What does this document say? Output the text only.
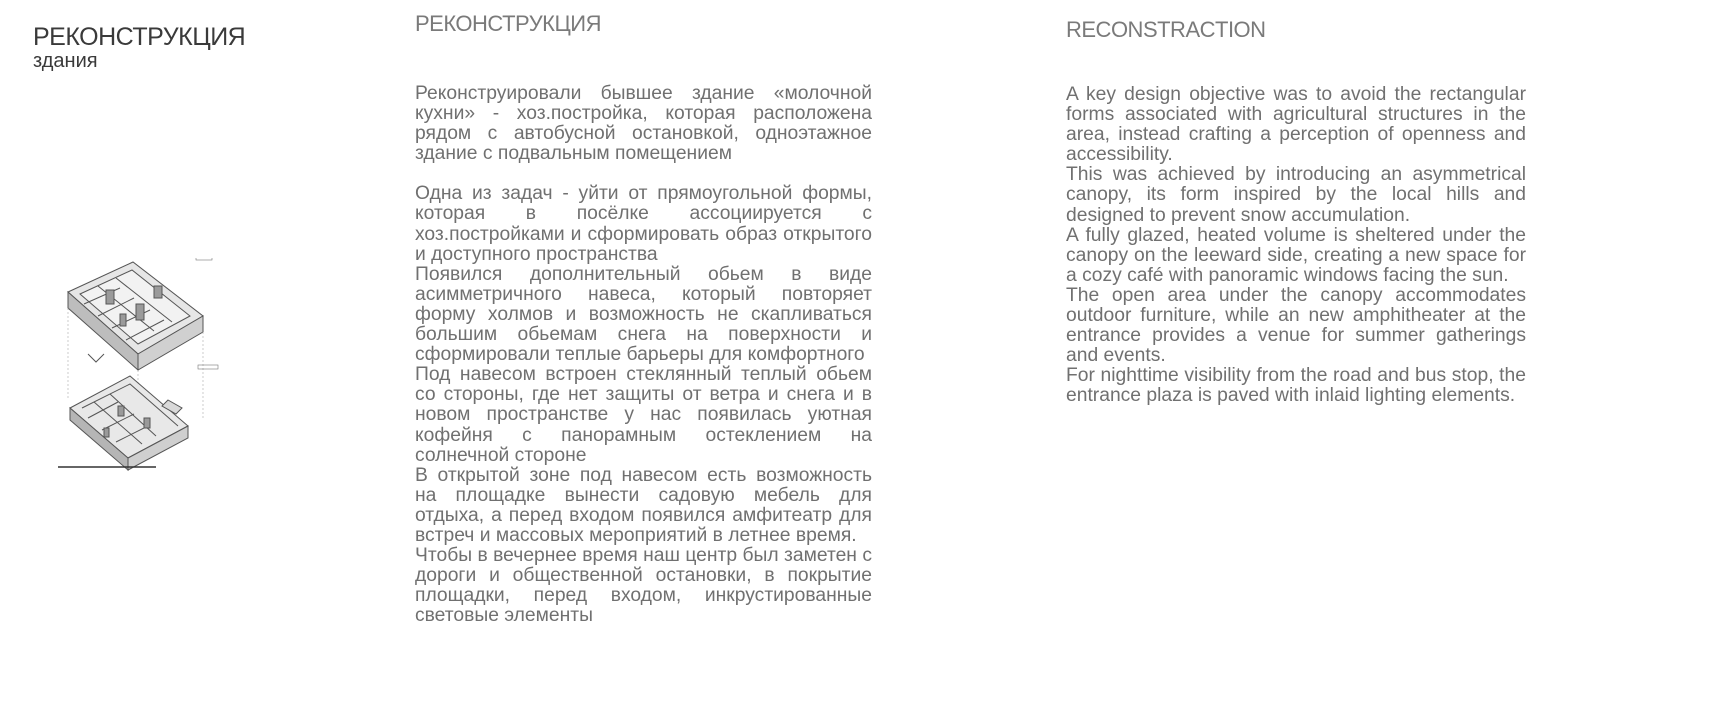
РЕКОНСТРУКЦИЯ

здания

РЕКОНСТРУКЦИЯ

Реконструировали бывшее здание «молочной кухни» - хоз.постройка, которая расположена рядом с автобусной остановкой, одноэтажное здание с подвальным помещением

Одна из задач - уйти от прямоугольной формы, которая в посёлке ассоциируется с хоз.постройками и сформировать образ открытого и доступного пространства

Появился дополнительный обьем в виде асимметричного навеса, который повторяет форму холмов и возможность не скапливаться большим обьемам снега на поверхности и сформировали теплые барьеры для комфортного

Под навесом встроен стеклянный теплый обьем со стороны, где нет защиты от ветра и снега и в новом пространстве у нас появилась уютная кофейня с панорамным остеклением на солнечной стороне

В открытой зоне под навесом есть возможность на площадке вынести садовую мебель для отдыха, а перед входом появился амфитеатр для встреч и массовых мероприятий в летнее время.

Чтобы в вечернее время наш центр был заметен с дороги и общественной остановки, в покрытие площадки, перед входом, инкрустированные световые элементы

RECONSTRACTION

A key design objective was to avoid the rectangular forms associated with agricultural structures in the area, instead crafting a perception of openness and accessibility.

This was achieved by introducing an asymmetrical canopy, its form inspired by the local hills and designed to prevent snow accumulation.

A fully glazed, heated volume is sheltered under the canopy on the leeward side, creating a new space for a cozy café with panoramic windows facing the sun.

The open area under the canopy accommodates outdoor furniture, while an new amphitheater at the entrance provides a venue for summer gatherings and events.

For nighttime visibility from the road and bus stop, the entrance plaza is paved with inlaid lighting elements.
